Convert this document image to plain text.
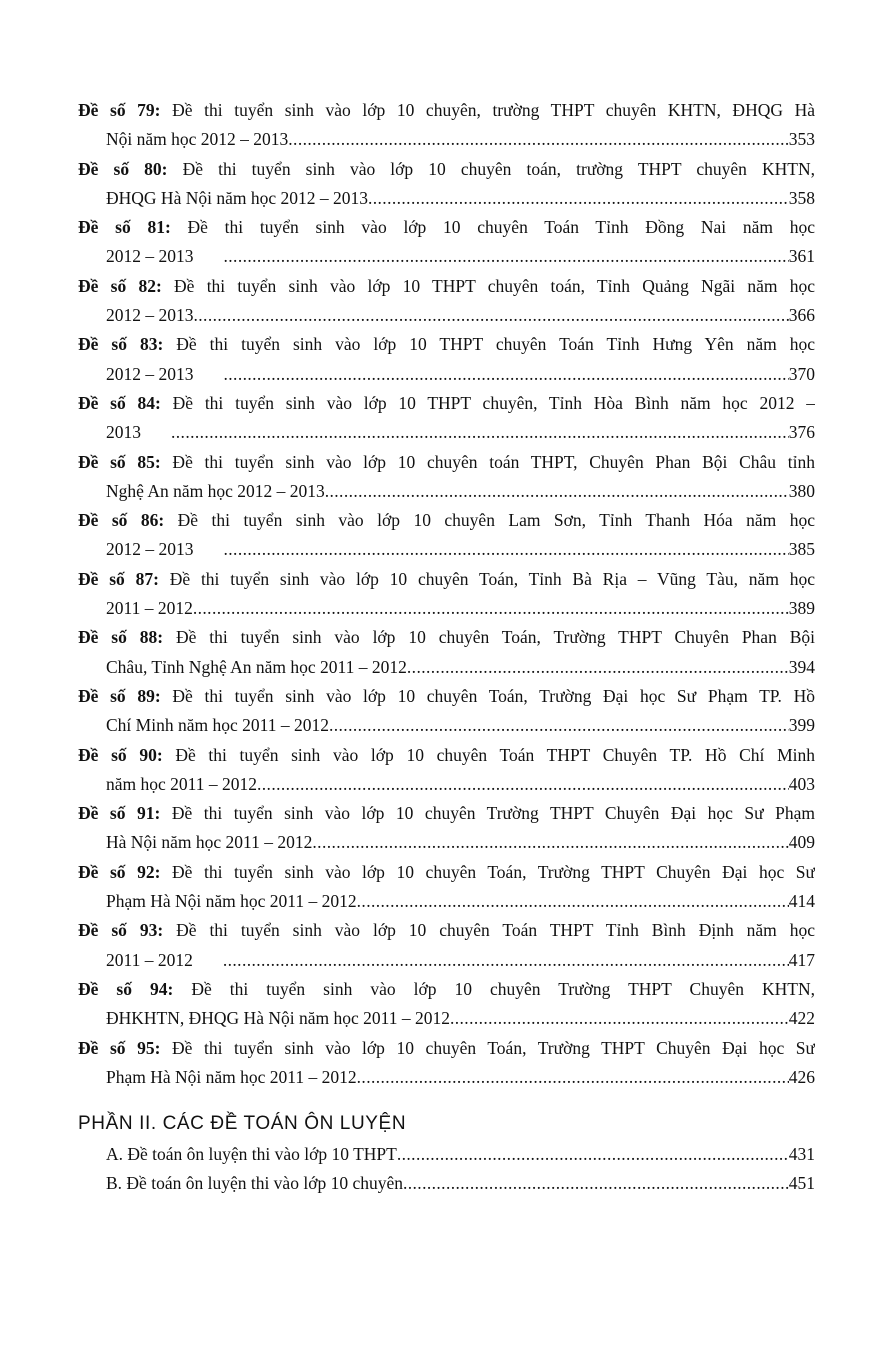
Đề số 79: Đề thi tuyển sinh vào lớp 10 chuyên, trường THPT chuyên KHTN, ĐHQG Hà
Nội năm học 2012 – 2013 .....	353
Đề số 80: Đề thi tuyển sinh vào lớp 10 chuyên toán, trường THPT chuyên KHTN,
ĐHQG Hà Nội năm học 2012 – 2013 .....	358
Đề số 81: Đề thi tuyển sinh vào lớp 10 chuyên Toán Tỉnh Đồng Nai năm học
2012 – 2013 .....	361
Đề số 82: Đề thi tuyển sinh vào lớp 10 THPT chuyên toán, Tỉnh Quảng Ngãi năm học
2012 – 2013 .....	366
Đề số 83: Đề thi tuyển sinh vào lớp 10 THPT chuyên Toán Tỉnh Hưng Yên năm học
2012 – 2013 .....	370
Đề số 84: Đề thi tuyển sinh vào lớp 10 THPT chuyên, Tỉnh Hòa Bình năm học 2012 –
2013 .....	376
Đề số 85: Đề thi tuyển sinh vào lớp 10 chuyên toán THPT, Chuyên Phan Bội Châu tỉnh
Nghệ An năm học 2012 – 2013 .....	380
Đề số 86: Đề thi tuyển sinh vào lớp 10 chuyên Lam Sơn, Tỉnh Thanh Hóa năm học
2012 – 2013 .....	385
Đề số 87: Đề thi tuyển sinh vào lớp 10 chuyên Toán, Tỉnh Bà Rịa – Vũng Tàu, năm học
2011 – 2012 .....	389
Đề số 88: Đề thi tuyển sinh vào lớp 10 chuyên Toán, Trường THPT Chuyên Phan Bội
Châu, Tỉnh Nghệ An năm học 2011 – 2012 .....	394
Đề số 89: Đề thi tuyển sinh vào lớp 10 chuyên Toán, Trường Đại học Sư Phạm TP. Hồ
Chí Minh năm học 2011 – 2012 .....	399
Đề số 90: Đề thi tuyển sinh vào lớp 10 chuyên Toán THPT Chuyên TP. Hồ Chí Minh
năm học 2011 – 2012 .....	403
Đề số 91: Đề thi tuyển sinh vào lớp 10 chuyên Trường THPT Chuyên Đại học Sư Phạm
Hà Nội năm học 2011 – 2012 .....	409
Đề số 92: Đề thi tuyển sinh vào lớp 10 chuyên Toán, Trường THPT Chuyên Đại học Sư
Phạm Hà Nội năm học 2011 – 2012 .....	414
Đề số 93: Đề thi tuyển sinh vào lớp 10 chuyên Toán THPT Tỉnh Bình Định năm học
2011 – 2012 .....	417
Đề số 94: Đề thi tuyển sinh vào lớp 10 chuyên Trường THPT Chuyên KHTN,
ĐHKHTN, ĐHQG Hà Nội năm học 2011 – 2012 .....	422
Đề số 95: Đề thi tuyển sinh vào lớp 10 chuyên Toán, Trường THPT Chuyên Đại học Sư
Phạm Hà Nội năm học 2011 – 2012 .....	426
PHẦN II. CÁC ĐỀ TOÁN ÔN LUYỆN
A. Đề toán ôn luyện thi vào lớp 10 THPT .....	431
B. Đề toán ôn luyện thi vào lớp 10 chuyên .....	451
